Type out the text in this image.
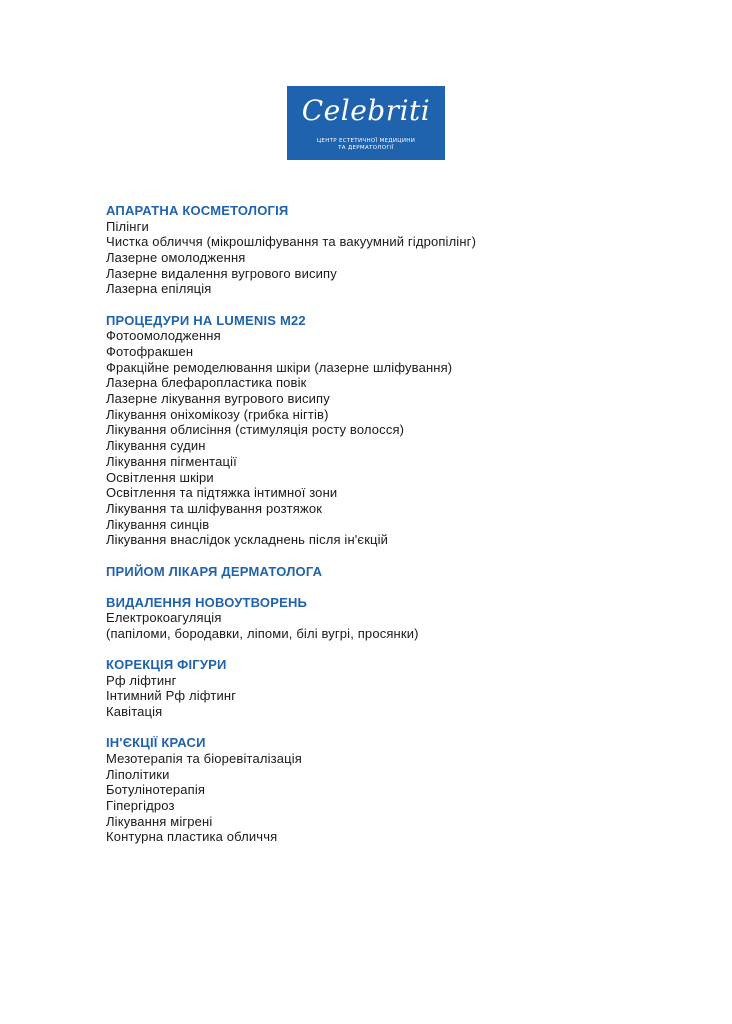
Celebriti
ЦЕНТР ЕСТЕТИЧНОЇ МЕДИЦИНИ
ТА ДЕРМАТОЛОГІЇ
АПАРАТНА КОСМЕТОЛОГІЯ
Пілінги
Чистка обличчя (мікрошліфування та вакуумний гідропілінг)
Лазерне омолодження
Лазерне видалення вугрового висипу
Лазерна епіляція
ПРОЦЕДУРИ НА LUMENIS M22
Фотоомолодження
Фотофракшен
Фракційне ремоделювання шкіри (лазерне шліфування)
Лазерна блефаропластика повік
Лазерне лікування вугрового висипу
Лікування оніхомікозу (грибка нігтів)
Лікування облисіння (стимуляція росту волосся)
Лікування судин
Лікування пігментації
Освітлення шкіри
Освітлення та підтяжка інтимної зони
Лікування та шліфування розтяжок
Лікування синців
Лікування внаслідок ускладнень після ін'єкцій
ПРИЙОМ ЛІКАРЯ ДЕРМАТОЛОГА
ВИДАЛЕННЯ НОВОУТВОРЕНЬ
Електрокоагуляція
(папіломи, бородавки, ліпоми, білі вугрі, просянки)
КОРЕКЦІЯ ФІГУРИ
Рф ліфтинг
Інтимний Рф ліфтинг
Кавітація
ІН'ЄКЦІЇ КРАСИ
Мезотерапія та біоревіталізація
Ліполітики
Ботулінотерапія
Гіпергідроз
Лікування мігрені
Контурна пластика обличчя
